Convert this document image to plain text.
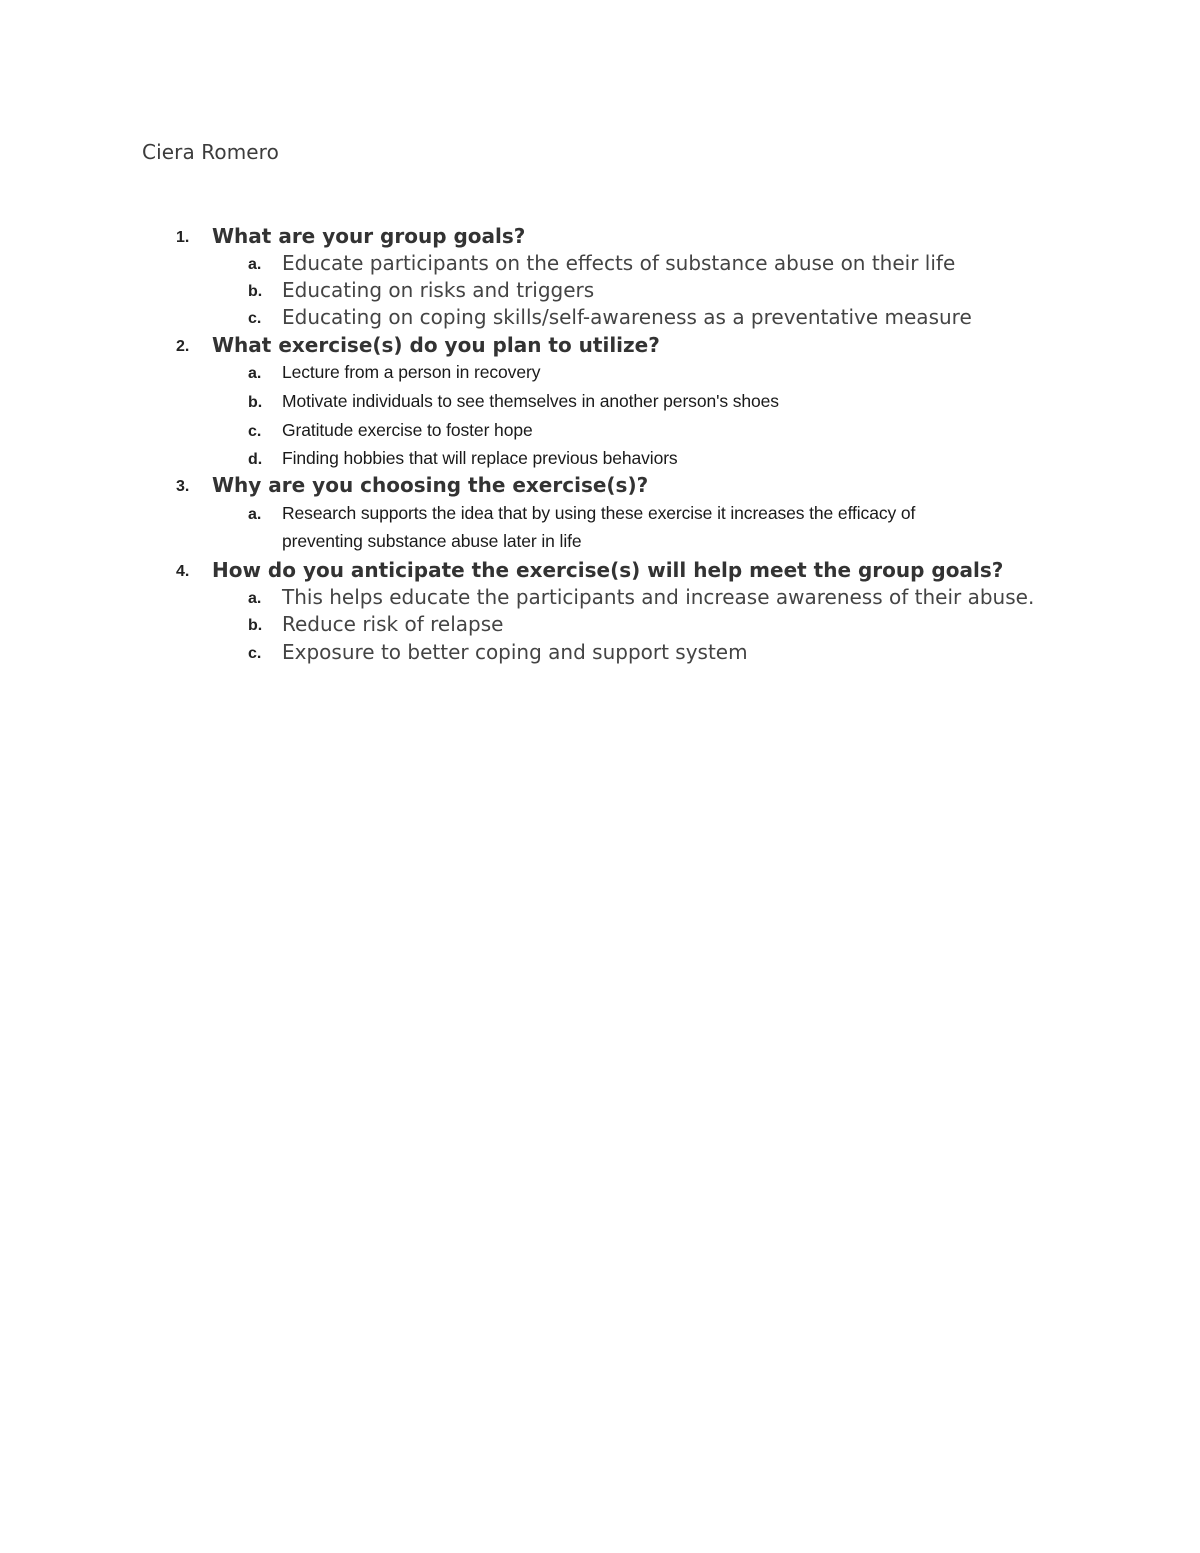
Ciera Romero
1. What are your group goals?
a. Educate participants on the effects of substance abuse on their life
b. Educating on risks and triggers
c. Educating on coping skills/self-awareness as a preventative measure
2. What exercise(s) do you plan to utilize?
a. Lecture from a person in recovery
b. Motivate individuals to see themselves in another person's shoes
c. Gratitude exercise to foster hope
d. Finding hobbies that will replace previous behaviors
3. Why are you choosing the exercise(s)?
a. Research supports the idea that by using these exercise it increases the efficacy of
preventing substance abuse later in life
4. How do you anticipate the exercise(s) will help meet the group goals?
a. This helps educate the participants and increase awareness of their abuse.
b. Reduce risk of relapse
c. Exposure to better coping and support system
